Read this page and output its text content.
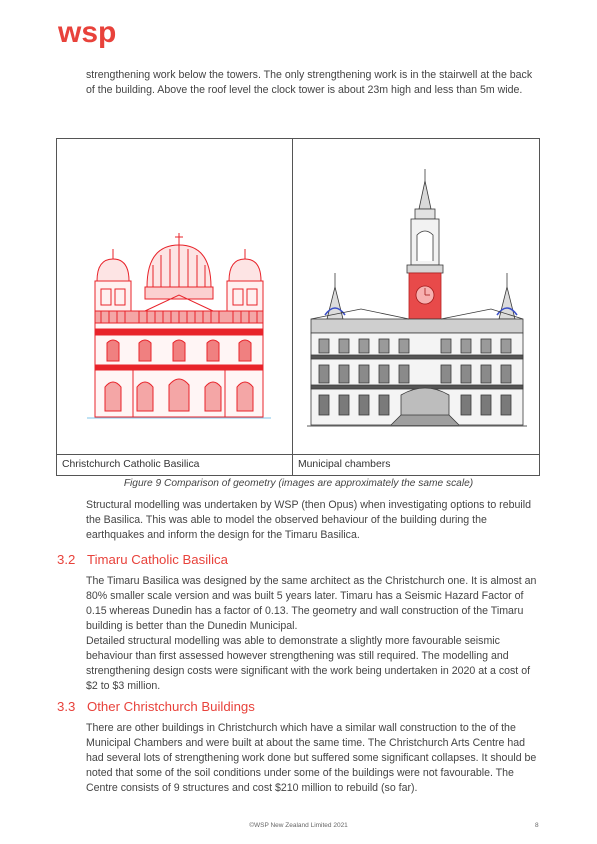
wsp

strengthening work below the towers. The only strengthening work is in the stairwell at the back of the building. Above the roof level the clock tower is about 23m high and less than 5m wide.

Christchurch Catholic Basilica	Municipal chambers
Figure 9 Comparison of geometry (images are approximately the same scale)

Structural modelling was undertaken by WSP (then Opus) when investigating options to rebuild the Basilica. This was able to model the observed behaviour of the building during the earthquakes and inform the design for the Timaru Basilica.

3.2 Timaru Catholic Basilica

The Timaru Basilica was designed by the same architect as the Christchurch one. It is almost an 80% smaller scale version and was built 5 years later. Timaru has a Seismic Hazard Factor of 0.15 whereas Dunedin has a factor of 0.13. The geometry and wall construction of the Timaru building is better than the Dunedin Municipal.

Detailed structural modelling was able to demonstrate a slightly more favourable seismic behaviour than first assessed however strengthening was still required. The modelling and strengthening design costs were significant with the work being undertaken in 2020 at a cost of $2 to $3 million.

3.3 Other Christchurch Buildings

There are other buildings in Christchurch which have a similar wall construction to the of the Municipal Chambers and were built at about the same time. The Christchurch Arts Centre had had several lots of strengthening work done but suffered some significant collapses. It should be noted that some of the soil conditions under some of the buildings were not favourable. The Centre consists of 9 structures and cost $210 million to rebuild (so far).

©WSP New Zealand Limited 2021	8
